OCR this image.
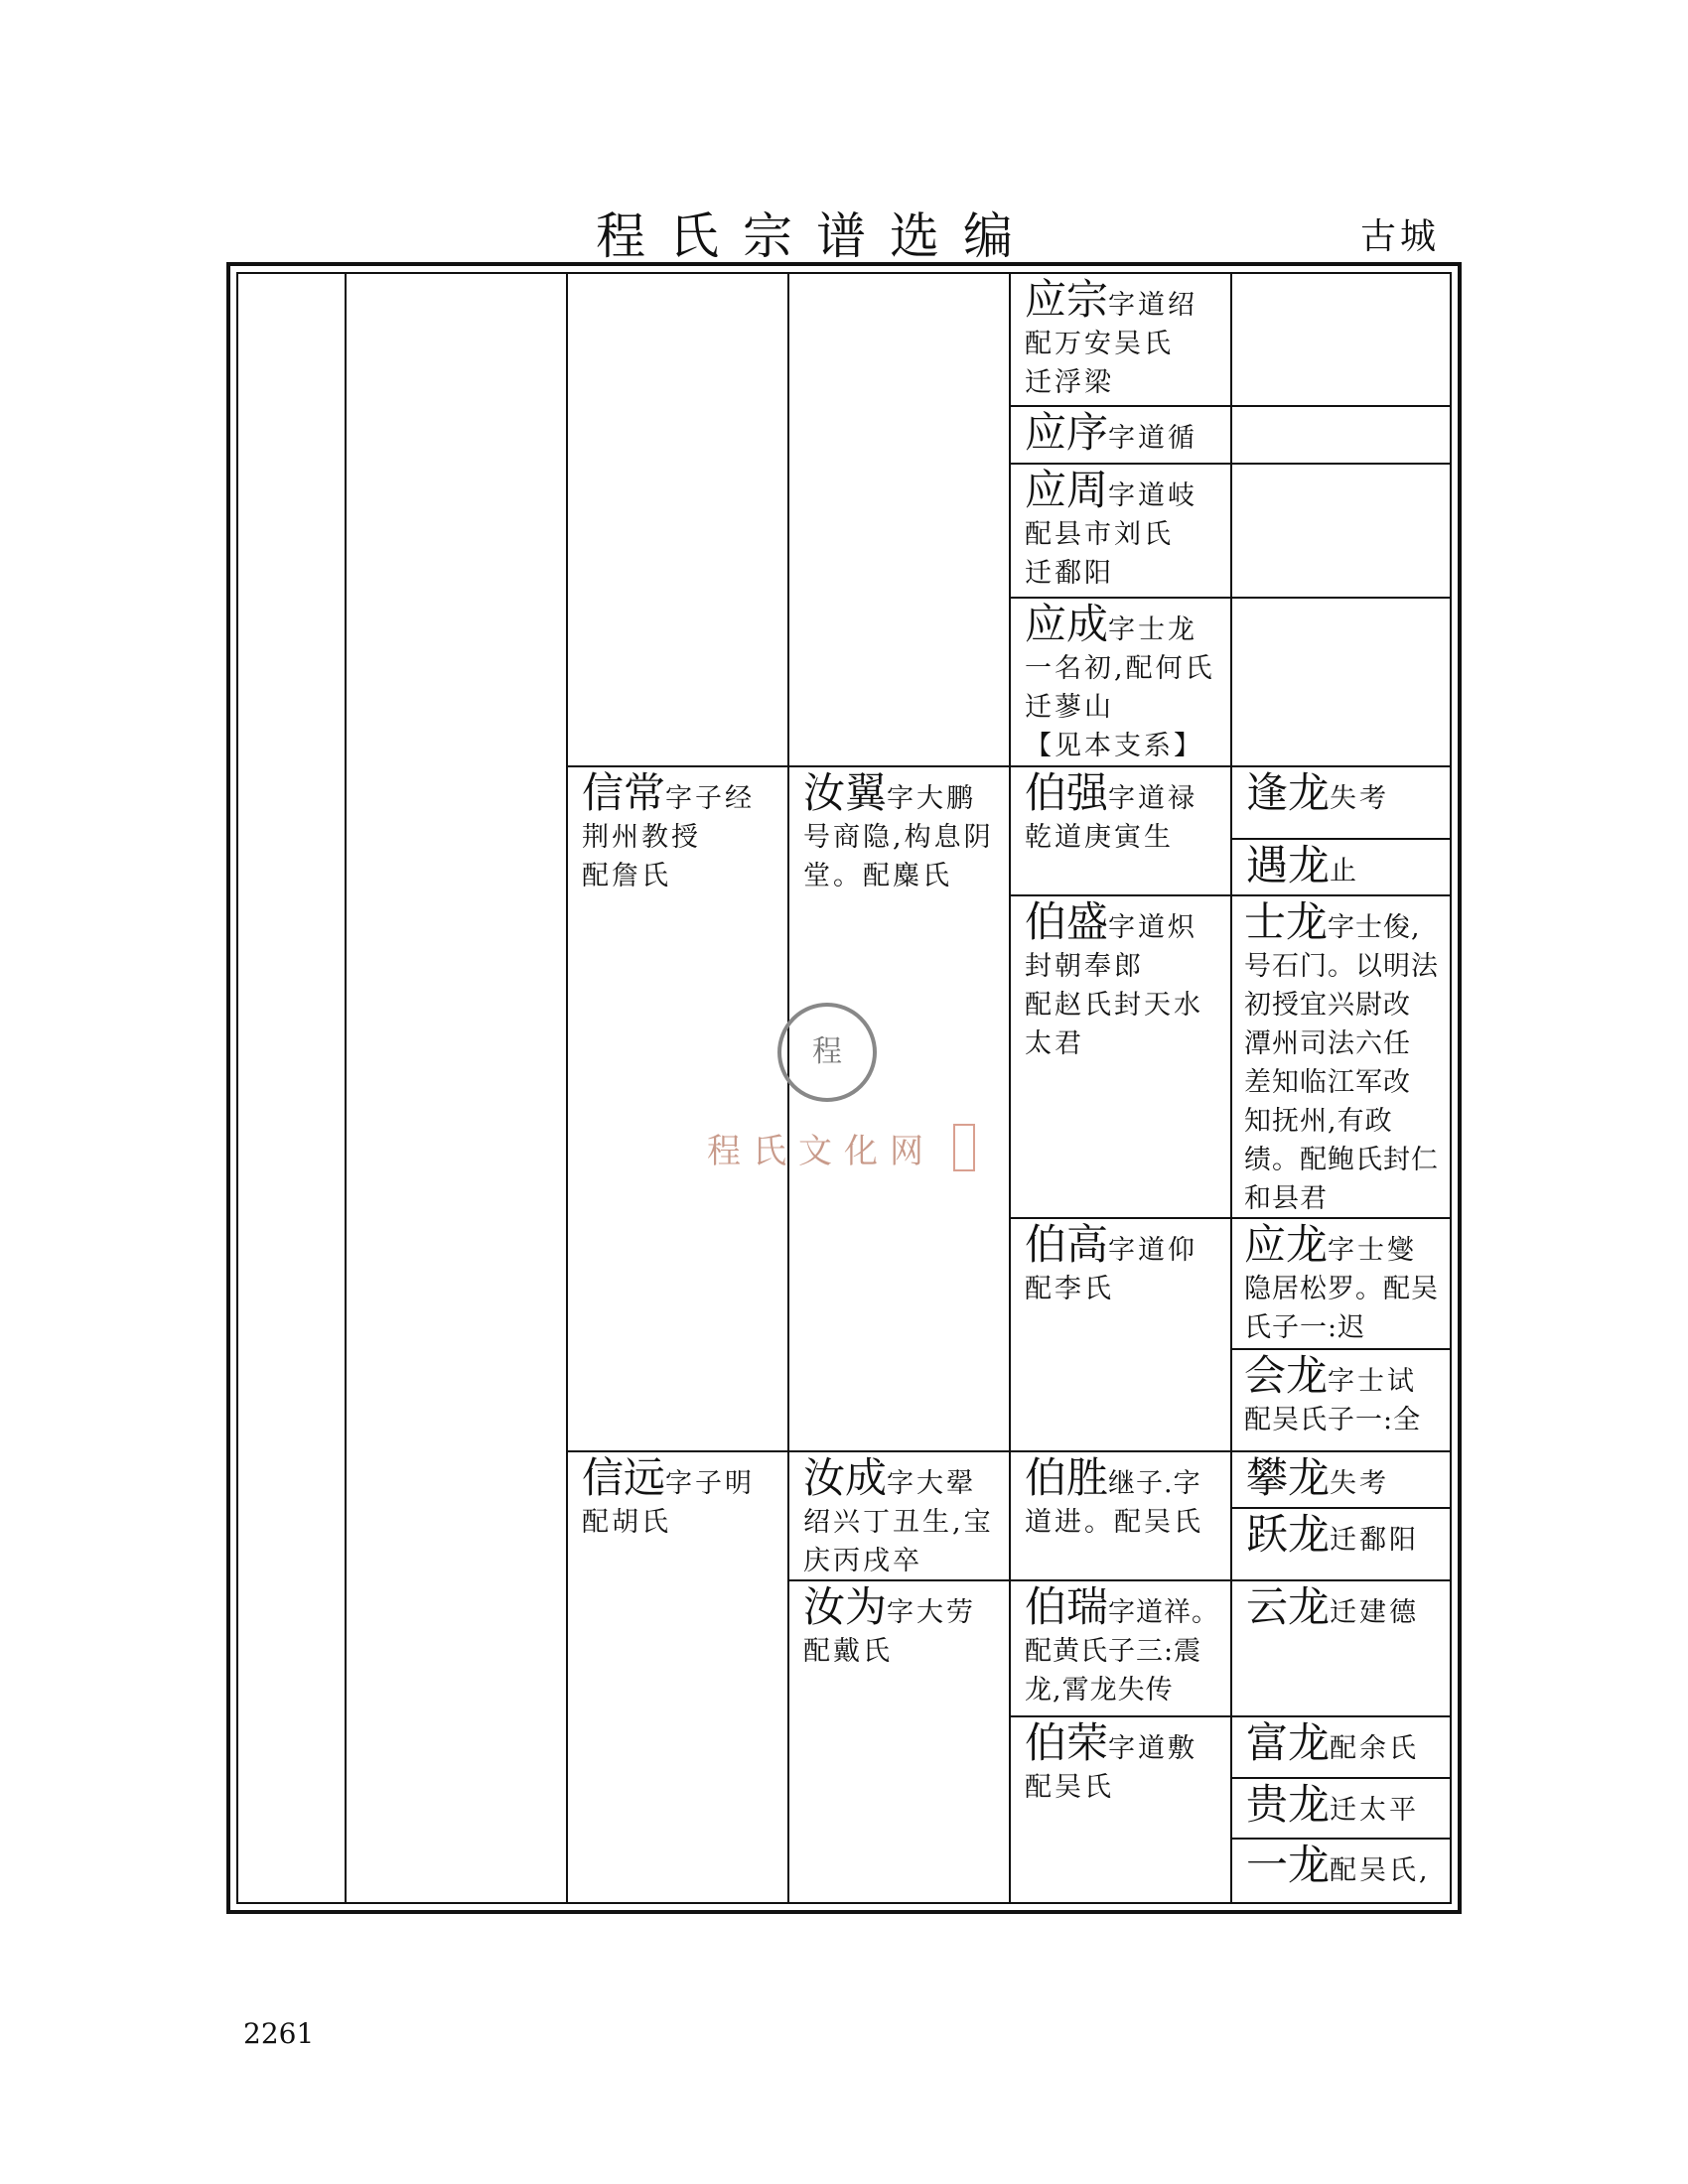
程氏宗谱选编	古城
程
程氏文化网
应宗字道绍
配万安吴氏
迁浮梁
应序字道循
应周字道岐
配县市刘氏
迁鄱阳
应成字士龙
一名初,配何氏
迁蓼山
【见本支系】
信常字子经
荆州教授
配詹氏
汝翼字大鹏
号商隐,构息阴
堂。配麋氏
伯强字道禄
乾道庚寅生
逢龙失考
遇龙止
伯盛字道炽
封朝奉郎
配赵氏封天水
太君
士龙字士俊,
号石门。以明法
初授宜兴尉改
潭州司法六任
差知临江军改
知抚州,有政
绩。配鲍氏封仁
和县君
伯高字道仰
配李氏
应龙字士燮
隐居松罗。配吴
氏子一:迟
会龙字士试
配吴氏子一:全
信远字子明
配胡氏
汝成字大翚
绍兴丁丑生,宝
庆丙戌卒
伯胜继子.字
道进。配吴氏
攀龙失考
跃龙迁鄱阳
汝为字大劳
配戴氏
伯瑞字道祥。
配黄氏子三:震
龙,霄龙失传
云龙迁建德
伯荣字道敷
配吴氏
富龙配余氏
贵龙迁太平
一龙配吴氏,
2261
